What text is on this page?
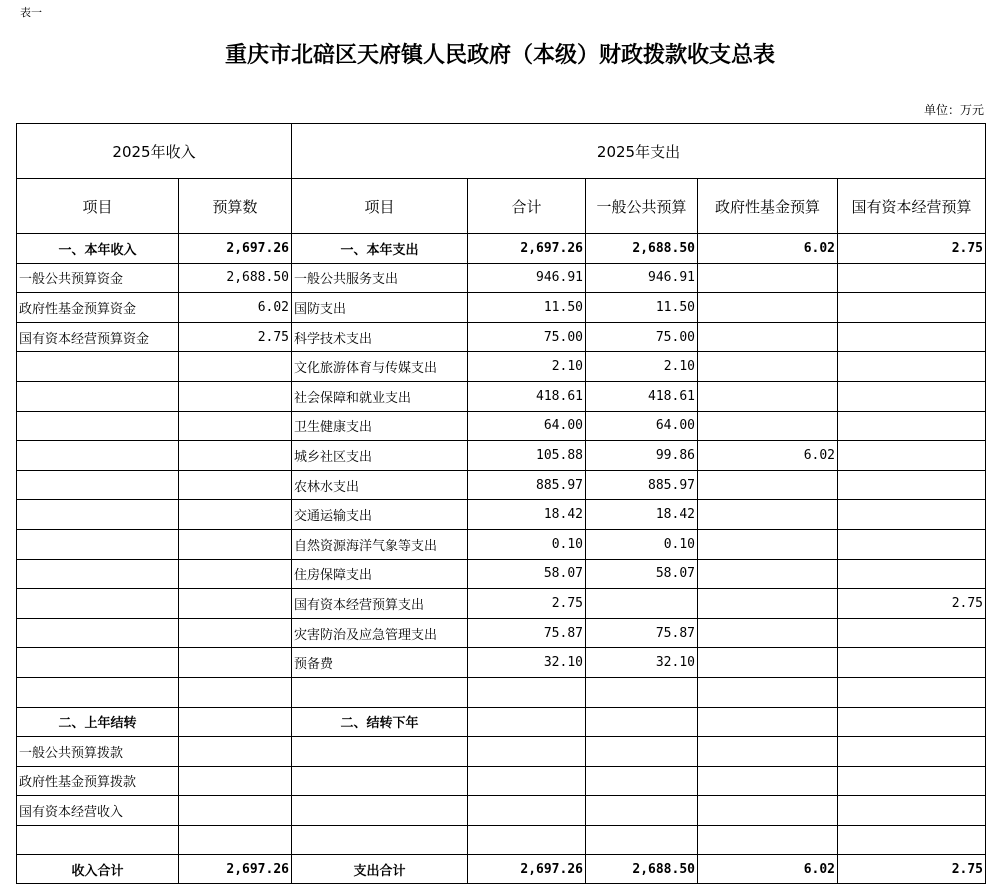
表一
重庆市北碚区天府镇人民政府（本级）财政拨款收支总表
单位：万元
2025年收入		2025年支出				
项目	预算数	项目	合计	一般公共预算	政府性基金预算	国有资本经营预算
一、本年收入	2,697.26	一、本年支出	2,697.26	2,688.50	6.02	2.75
一般公共预算资金	2,688.50	一般公共服务支出	946.91	946.91		
政府性基金预算资金	6.02	国防支出	11.50	11.50		
国有资本经营预算资金	2.75	科学技术支出	75.00	75.00		
		文化旅游体育与传媒支出	2.10	2.10		
		社会保障和就业支出	418.61	418.61		
		卫生健康支出	64.00	64.00		
		城乡社区支出	105.88	99.86	6.02	
		农林水支出	885.97	885.97		
		交通运输支出	18.42	18.42		
		自然资源海洋气象等支出	0.10	0.10		
		住房保障支出	58.07	58.07		
		国有资本经营预算支出	2.75			2.75
		灾害防治及应急管理支出	75.87	75.87		
		预备费	32.10	32.10		

二、上年结转		二、结转下年				
一般公共预算拨款						
政府性基金预算拨款						
国有资本经营收入						

收入合计	2,697.26	支出合计	2,697.26	2,688.50	6.02	2.75
